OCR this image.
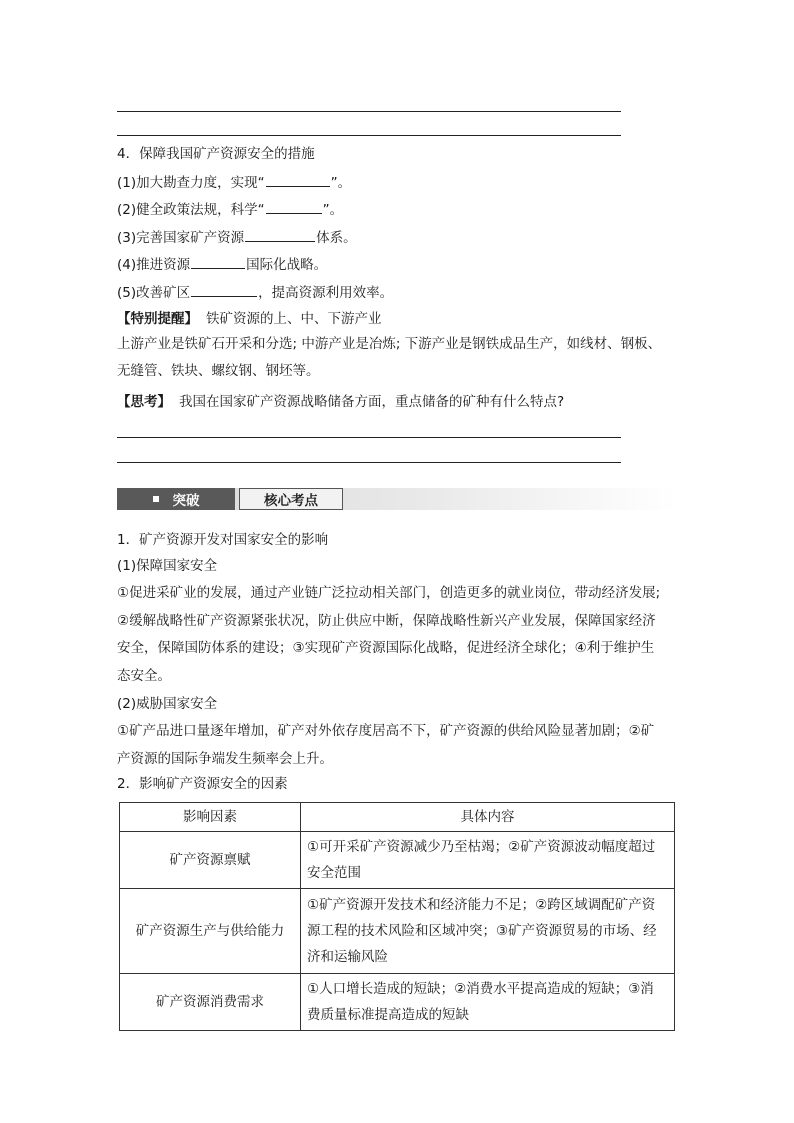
4．保障我国矿产资源安全的措施
(1)加大勘查力度，实现“	”。
(2)健全政策法规，科学“	”。
(3)完善国家矿产资源	体系。
(4)推进资源	国际化战略。
(5)改善矿区	，提高资源利用效率。
【特别提醒】 铁矿资源的上、中、下游产业
上游产业是铁矿石开采和分选; 中游产业是冶炼; 下游产业是钢铁成品生产，如线材、钢板、
无缝管、铁块、螺纹钢、钢坯等。
【思考】 我国在国家矿产资源战略储备方面，重点储备的矿种有什么特点?
突破	核心考点
1．矿产资源开发对国家安全的影响
(1)保障国家安全
①促进采矿业的发展，通过产业链广泛拉动相关部门，创造更多的就业岗位，带动经济发展;
②缓解战略性矿产资源紧张状况，防止供应中断，保障战略性新兴产业发展，保障国家经济
安全，保障国防体系的建设；③实现矿产资源国际化战略，促进经济全球化；④利于维护生
态安全。
(2)威胁国家安全
①矿产品进口量逐年增加，矿产对外依存度居高不下，矿产资源的供给风险显著加剧；②矿
产资源的国际争端发生频率会上升。
2．影响矿产资源安全的因素
影响因素	具体内容
矿产资源禀赋	①可开采矿产资源减少乃至枯竭；②矿产资源波动幅度超过
安全范围

矿产资源生产与供给能力	①矿产资源开发技术和经济能力不足；②跨区域调配矿产资
源工程的技术风险和区域冲突；③矿产资源贸易的市场、经
济和运输风险

矿产资源消费需求	①人口增长造成的短缺；②消费水平提高造成的短缺；③消
费质量标准提高造成的短缺
